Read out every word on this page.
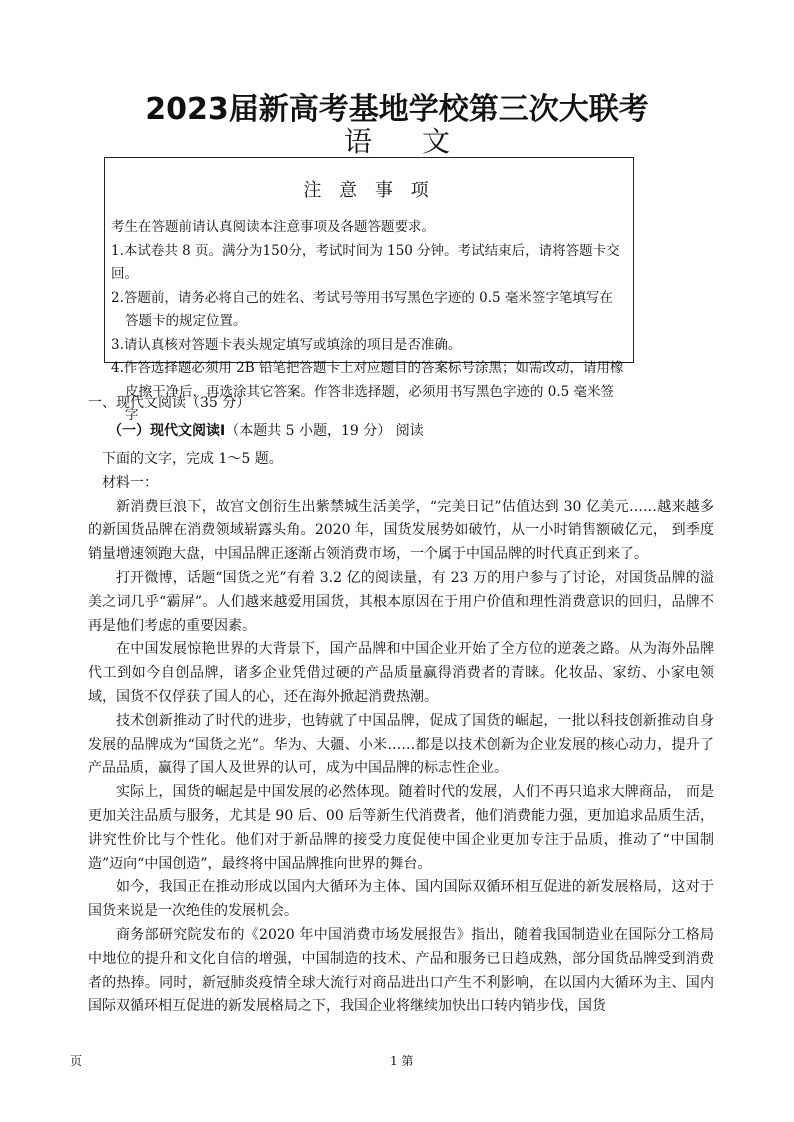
2023届新高考基地学校第三次大联考
语文
注 意 事 项

考生在答题前请认真阅读本注意事项及各题答题要求。

1.本试卷共 8 页。满分为150分，考试时间为 150 分钟。考试结束后，请将答题卡交回。

2.答题前，请务必将自己的姓名、考试号等用书写黑色字迹的 0.5 毫米签字笔填写在

答题卡的规定位置。

3.请认真核对答题卡表头规定填写或填涂的项目是否准确。

4.作答选择题必须用 2B 铅笔把答题卡上对应题目的答案标号涂黑；如需改动，请用橡

皮擦干净后，再选涂其它答案。作答非选择题，必须用书写黑色字迹的 0.5 毫米签字

一、现代文阅读（35 分）
（一）现代文阅读Ⅰ（本题共 5 小题，19 分） 阅读

下面的文字，完成 1～5 题。

材料一：

新消费巨浪下，故宫文创衍生出紫禁城生活美学，“完美日记”估值达到 30 亿美元……越来越多的新国货品牌在消费领域崭露头角。2020 年，国货发展势如破竹，从一小时销售额破亿元， 到季度销量增速领跑大盘，中国品牌正逐渐占领消费市场，一个属于中国品牌的时代真正到来了。

打开微博，话题“国货之光”有着 3.2 亿的阅读量，有 23 万的用户参与了讨论，对国货品牌的溢美之词几乎“霸屏”。人们越来越爱用国货，其根本原因在于用户价值和理性消费意识的回归，品牌不再是他们考虑的重要因素。

在中国发展惊艳世界的大背景下，国产品牌和中国企业开始了全方位的逆袭之路。从为海外品牌代工到如今自创品牌，诸多企业凭借过硬的产品质量赢得消费者的青睐。化妆品、家纺、小家电领域，国货不仅俘获了国人的心，还在海外掀起消费热潮。

技术创新推动了时代的进步，也铸就了中国品牌，促成了国货的崛起，一批以科技创新推动自身发展的品牌成为“国货之光”。华为、大疆、小米……都是以技术创新为企业发展的核心动力，提升了产品品质，赢得了国人及世界的认可，成为中国品牌的标志性企业。

实际上，国货的崛起是中国发展的必然体现。随着时代的发展，人们不再只追求大牌商品， 而是更加关注品质与服务，尤其是 90 后、00 后等新生代消费者，他们消费能力强，更加追求品质生活，讲究性价比与个性化。他们对于新品牌的接受力度促使中国企业更加专注于品质，推动了“中国制造”迈向“中国创造”，最终将中国品牌推向世界的舞台。

如今，我国正在推动形成以国内大循环为主体、国内国际双循环相互促进的新发展格局，这对于国货来说是一次绝佳的发展机会。

商务部研究院发布的《2020 年中国消费市场发展报告》指出，随着我国制造业在国际分工格局中地位的提升和文化自信的增强，中国制造的技术、产品和服务已日趋成熟，部分国货品牌受到消费者的热捧。同时，新冠肺炎疫情全球大流行对商品进出口产生不利影响，在以国内大循环为主、国内国际双循环相互促进的新发展格局之下，我国企业将继续加快出口转内销步伐，国货

页	1 第
